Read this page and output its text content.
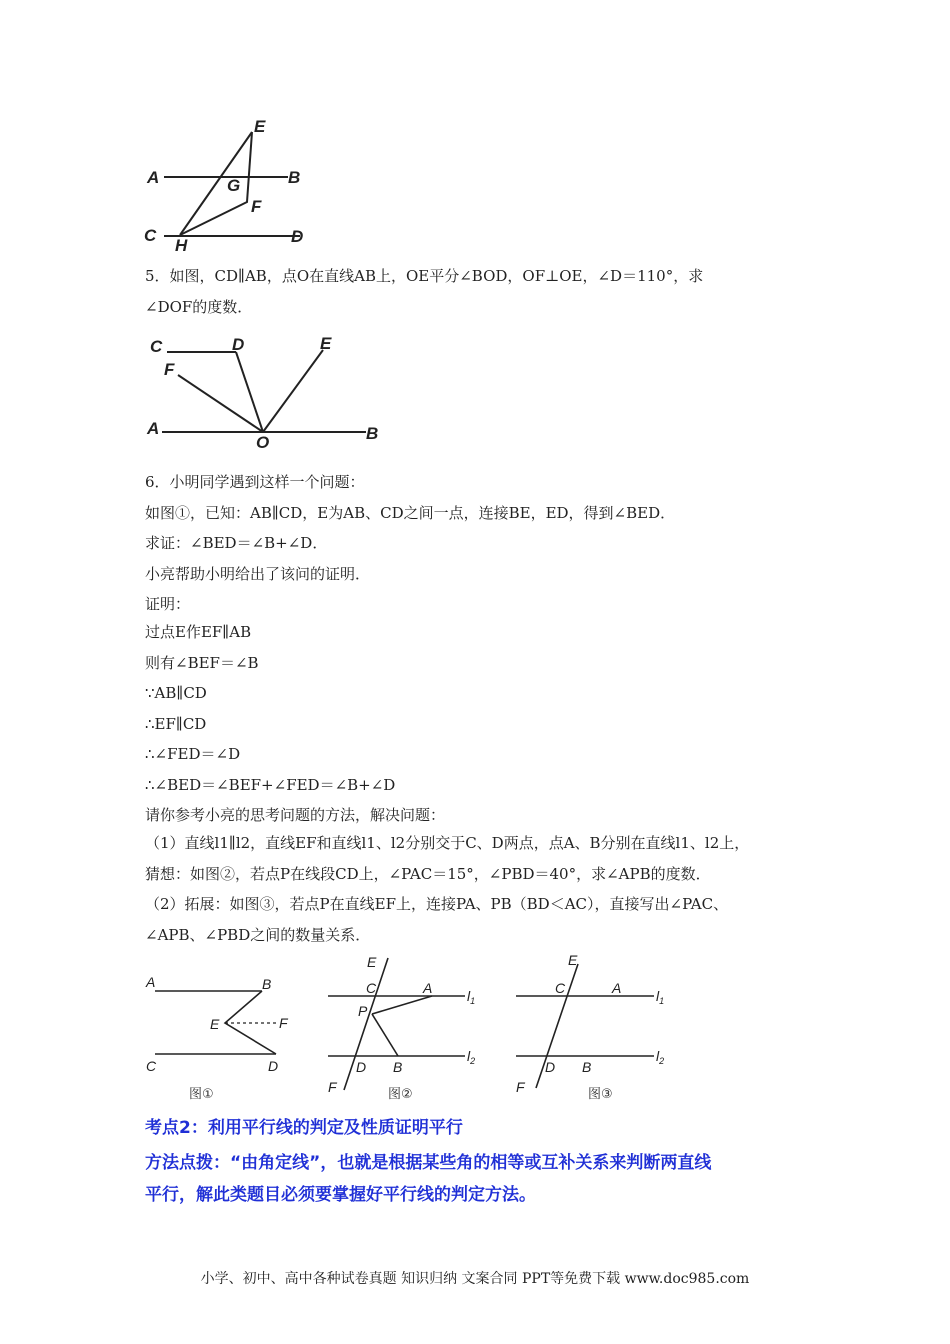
E
A	G	B
F
C
H	D
5．如图，CD∥AB，点O在直线AB上，OE平分∠BOD，OF⊥OE，∠D＝110°，求
∠DOF的度数．
C	D	E
F
A
O	B
6．小明同学遇到这样一个问题：
如图①，已知：AB∥CD，E为AB、CD之间一点，连接BE，ED，得到∠BED．
求证：∠BED＝∠B+∠D．
小亮帮助小明给出了该问的证明．
证明：
过点E作EF∥AB
则有∠BEF＝∠B
∵AB∥CD
∴EF∥CD
∴∠FED＝∠D
∴∠BED＝∠BEF+∠FED＝∠B+∠D
请你参考小亮的思考问题的方法，解决问题：
（1）直线l1∥l2，直线EF和直线l1、l2分别交于C、D两点，点A、B分别在直线l1、l2上，
猜想：如图②，若点P在线段CD上，∠PAC＝15°，∠PBD＝40°，求∠APB的度数．
（2）拓展：如图③，若点P在直线EF上，连接PA、PB（BD＜AC），直接写出∠PAC、
∠APB、∠PBD之间的数量关系．
A	B
E	F
C	D
图①
E
C	A $l_1$
P
D B
$l_2$
F	图②
E
C	A $l_1$
D B
$l_2$
F	图③
考点2：利用平行线的判定及性质证明平行
方法点拨：“由角定线”，也就是根据某些角的相等或互补关系来判断两直线
平行，解此类题目必须要掌握好平行线的判定方法。
小学、初中、高中各种试卷真题 知识归纳 文案合同 PPT等免费下载 www.doc985.com
